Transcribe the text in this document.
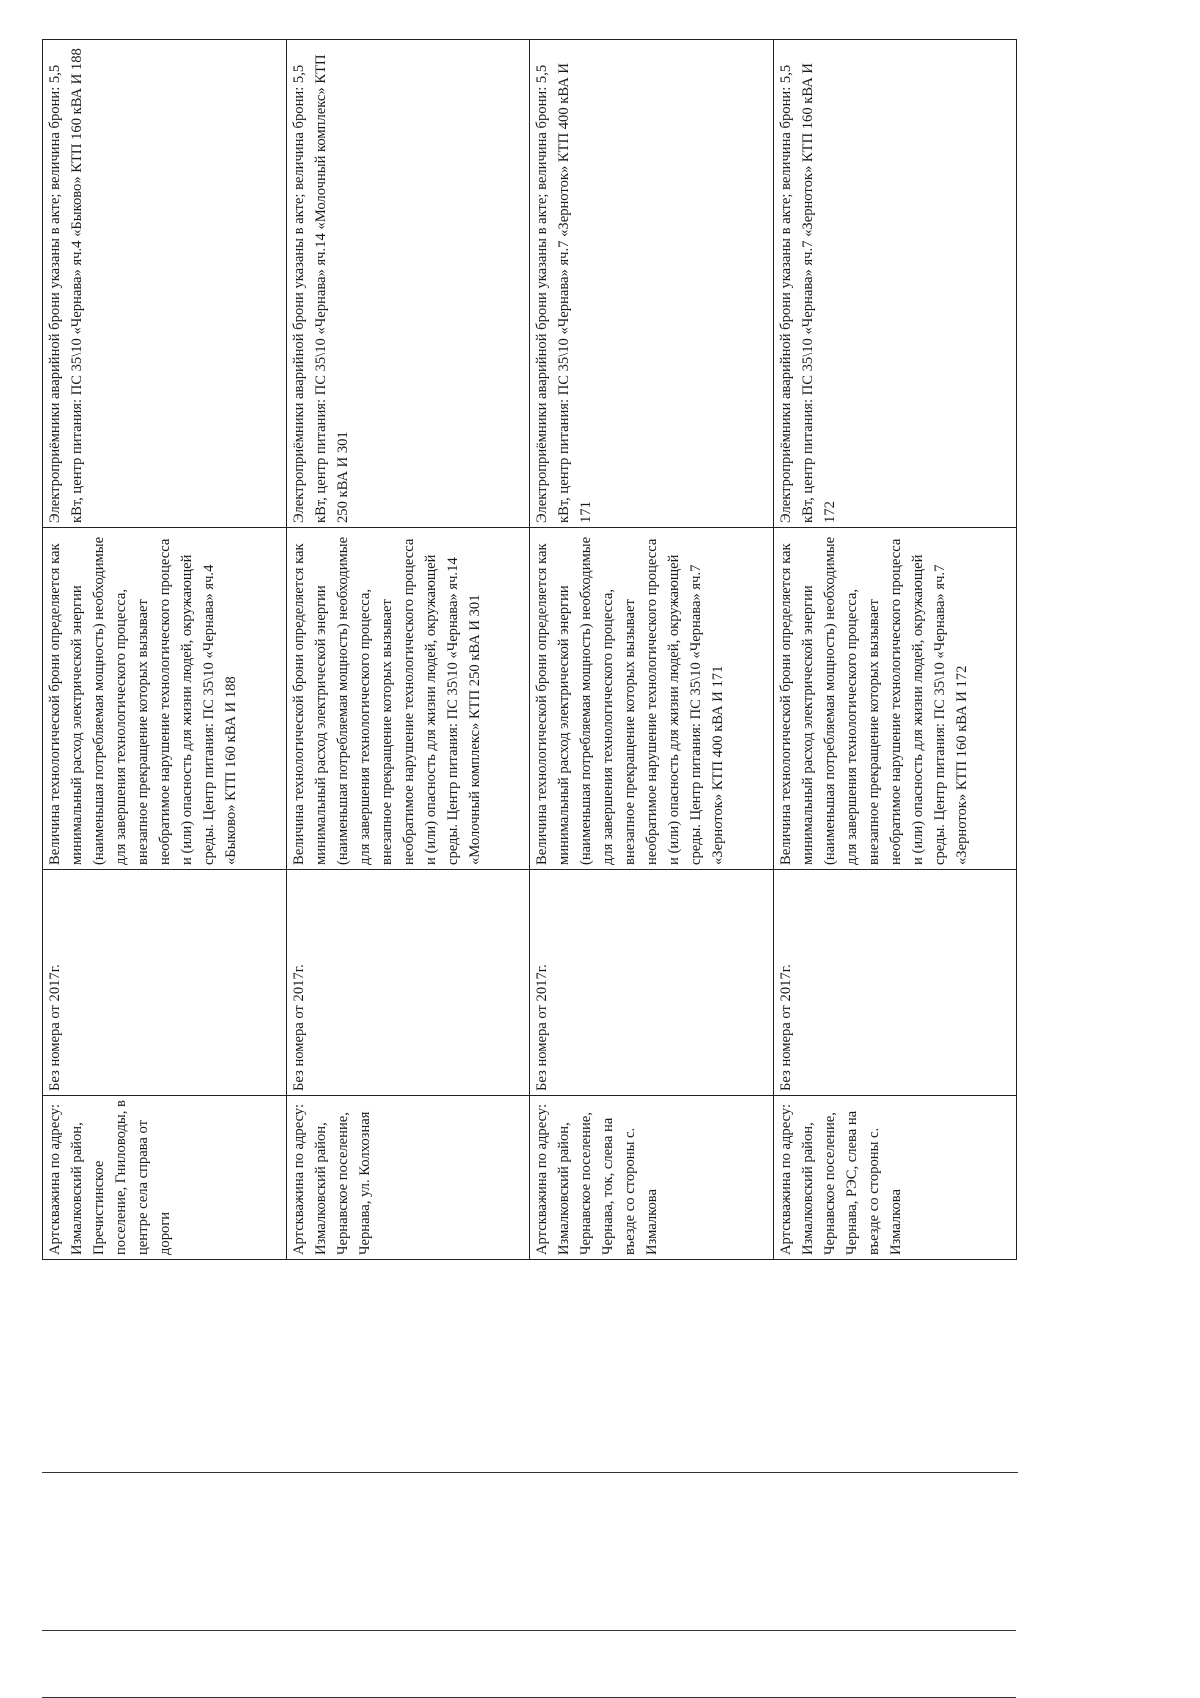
Артскважина по адресу: Измалковский район, Пречистинское поселение, Гниловоды, в центре села справа от дороги	Без номера от 2017г.	Величина технологической брони определяется как минимальный расход электрической энергии (наименьшая потребляемая мощность) необходимые для завершения технологического процесса, внезапное прекращение которых вызывает необратимое нарушение технологического процесса и (или) опасность для жизни людей, окружающей среды. Центр питания: ПС 35\10 «Чернава» яч.4 «Быково» КТП 160 кВА И 188	Электроприёмники аварийной брони указаны в акте; величина брони: 5,5 кВт, центр питания: ПС 35\10 «Чернава» яч.4 «Быково» КТП 160 кВА И 188
Артскважина по адресу: Измалковский район, Чернавское поселение, Чернава, ул. Колхозная	Без номера от 2017г.	Величина технологической брони определяется как минимальный расход электрической энергии (наименьшая потребляемая мощность) необходимые для завершения технологического процесса, внезапное прекращение которых вызывает необратимое нарушение технологического процесса и (или) опасность для жизни людей, окружающей среды. Центр питания: ПС 35\10 «Чернава» яч.14 «Молочный комплекс» КТП 250 кВА И 301	Электроприёмники аварийной брони указаны в акте; величина брони: 5,5 кВт, центр питания: ПС 35\10 «Чернава» яч.14 «Молочный комплекс» КТП 250 кВА И 301
Артскважина по адресу: Измалковский район, Чернавское поселение, Чернава, ток, слева на въезде со стороны с. Измалкова	Без номера от 2017г.	Величина технологической брони определяется как минимальный расход электрической энергии (наименьшая потребляемая мощность) необходимые для завершения технологического процесса, внезапное прекращение которых вызывает необратимое нарушение технологического процесса и (или) опасность для жизни людей, окружающей среды. Центр питания: ПС 35\10 «Чернава» яч.7 «Зерноток» КТП 400 кВА И 171	Электроприёмники аварийной брони указаны в акте; величина брони: 5,5 кВт, центр питания: ПС 35\10 «Чернава» яч.7 «Зерноток» КТП 400 кВА И 171
Артскважина по адресу: Измалковский район, Чернавское поселение, Чернава, РЭС, слева на въезде со стороны с. Измалкова	Без номера от 2017г.	Величина технологической брони определяется как минимальный расход электрической энергии (наименьшая потребляемая мощность) необходимые для завершения технологического процесса, внезапное прекращение которых вызывает необратимое нарушение технологического процесса и (или) опасность для жизни людей, окружающей среды. Центр питания: ПС 35\10 «Чернава» яч.7 «Зерноток» КТП 160 кВА И 172	Электроприёмники аварийной брони указаны в акте; величина брони: 5,5 кВт, центр питания: ПС 35\10 «Чернава» яч.7 «Зерноток» КТП 160 кВА И 172
